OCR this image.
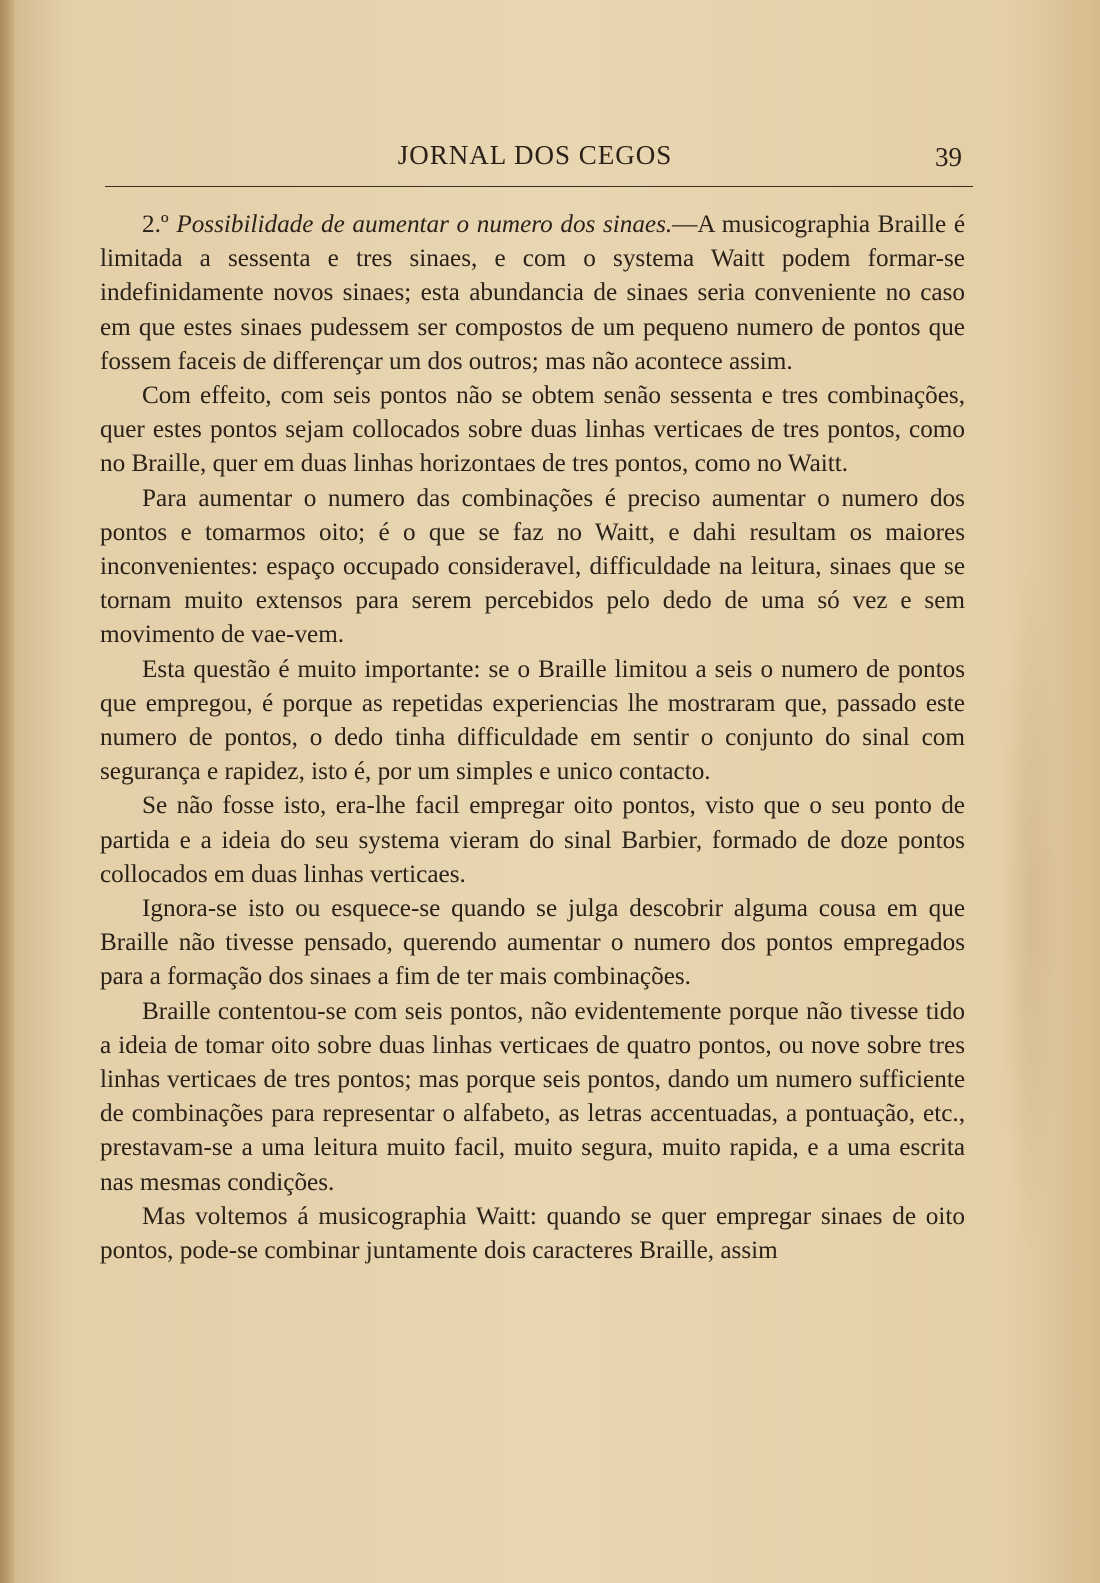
JORNAL DOS CEGOS	39

2.º Possibilidade de aumentar o numero dos sinaes.—A musicographia Braille é limitada a sessenta e tres sinaes, e com o systema Waitt podem formar-se indefinidamente novos sinaes; esta abundancia de sinaes seria conveniente no caso em que estes sinaes pudessem ser compostos de um pequeno numero de pontos que fossem faceis de differençar um dos outros; mas não acontece assim.

Com effeito, com seis pontos não se obtem senão sessenta e tres combinações, quer estes pontos sejam collocados sobre duas linhas verticaes de tres pontos, como no Braille, quer em duas linhas horizontaes de tres pontos, como no Waitt.

Para aumentar o numero das combinações é preciso aumentar o numero dos pontos e tomarmos oito; é o que se faz no Waitt, e dahi resultam os maiores inconvenientes: espaço occupado consideravel, difficuldade na leitura, sinaes que se tornam muito extensos para serem percebidos pelo dedo de uma só vez e sem movimento de vae-vem.

Esta questão é muito importante: se o Braille limitou a seis o numero de pontos que empregou, é porque as repetidas experiencias lhe mostraram que, passado este numero de pontos, o dedo tinha difficuldade em sentir o conjunto do sinal com segurança e rapidez, isto é, por um simples e unico contacto.

Se não fosse isto, era-lhe facil empregar oito pontos, visto que o seu ponto de partida e a ideia do seu systema vieram do sinal Barbier, formado de doze pontos collocados em duas linhas verticaes.

Ignora-se isto ou esquece-se quando se julga descobrir alguma cousa em que Braille não tivesse pensado, querendo aumentar o numero dos pontos empregados para a formação dos sinaes a fim de ter mais combinações.

Braille contentou-se com seis pontos, não evidentemente porque não tivesse tido a ideia de tomar oito sobre duas linhas verticaes de quatro pontos, ou nove sobre tres linhas verticaes de tres pontos; mas porque seis pontos, dando um numero sufficiente de combinações para representar o alfabeto, as letras accentuadas, a pontuação, etc., prestavam-se a uma leitura muito facil, muito segura, muito rapida, e a uma escrita nas mesmas condições.

Mas voltemos á musicographia Waitt: quando se quer empregar sinaes de oito pontos, pode-se combinar juntamente dois caracteres Braille, assim
